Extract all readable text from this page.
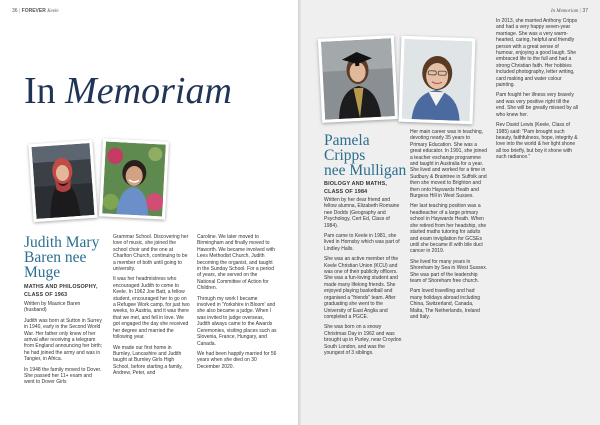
36 | FOREVER Keele
In Memoriam
Judith Mary
Baren nee
Muge
MATHS AND PHILOSOPHY,
CLASS OF 1963

Written by Maurice Baren (husband)

Judith was born at Sutton in Surrey in 1940, early in the Second World War. Her father only knew of her arrival after receiving a telegram from England announcing her birth; he had joined the army and was in Tangier, in Africa.

In 1948 the family moved to Dover. She passed her 11+ exam and went to Dover Girls

Grammar School. Discovering her love of music, she joined the school choir and the one at Charlton Church, continuing to be a member of both until going to university.

It was her headmistress who encouraged Judith to come to Keele. In 1962 Joe Batt, a fellow student, encouraged her to go on a Refugee Work camp, for just two weeks, to Austria, and it was there that we met, and fell in love. We got engaged the day she received her degree and married the following year.

We made our first home in Burnley, Lancashire and Judith taught at Burnley Girls High School, before starting a family, Andrew, Peter, and

Caroline. We later moved to Birmingham and finally moved to Haworth. We became involved with Lees Methodist Church, Judith becoming the organist, and taught in the Sunday School. For a period of years, she served on the National Committee of Action for Children.

Through my work I became involved in 'Yorkshire in Bloom' and she also became a judge. When I was invited to judge overseas, Judith always came to the Awards Ceremonies, visiting places such as Slovenia, France, Hungary, and Canada.

We had been happily married for 56 years when she died on 30 December 2020.

In Memoriam | 37
Pamela
Cripps
nee Mulligan
BIOLOGY AND MATHS,
CLASS OF 1984

Written by her dear friend and fellow alumna, Elizabeth Romaine nee Dodds (Geography and Psychology, Cert Ed, Class of 1984).

Pam came to Keele in 1981, she lived in Hornsby which was part of Lindley Halls.

She was an active member of the Keele Christian Union (KCU) and was one of their publicity officers. She was a fun-loving student and made many lifelong friends. She enjoyed playing basketball and organised a "friends" team. After graduating she went to the University of East Anglia and completed a PGCE.

She was born on a snowy Christmas Day in 1962 and was brought up in Purley, near Croydon South London, and was the youngest of 3 siblings.

Her main career was in teaching, devoting nearly 35 years to Primary Education. She was a great educator. In 1991, she joined a teacher exchange programme and taught in Australia for a year. She lived and worked for a time in Sudbury & Braintree in Suffolk and then she moved to Brighton and then onto Haywards Heath and Burgess Hill in West Sussex.

Her last teaching position was a headteacher of a large primary school in Haywards Heath. When she retired from her headship, she started maths tutoring for adults and exam invigilation for GCSEs until she became ill with bile duct cancer in 2019.

She lived for many years in Shoreham by Sea in West Sussex. She was part of the leadership team of Shoreham free church.

Pam loved travelling and had many holidays abroad including China, Switzerland, Canada, Malta, The Netherlands, Ireland and Italy.

In 2013, she married Anthony Cripps and had a very happy seven-year marriage. She was a very warm-hearted, caring, helpful and friendly person with a great sense of humour, enjoying a good laugh. She embraced life to the full and had a strong Christian faith. Her hobbies included photography, letter writing, card making and water colour painting.

Pam fought her illness very bravely and was very positive right till the end. She will be greatly missed by all who knew her.

Rev David Lewis (Keele, Class of 1985) said: "Pam brought such beauty, faithfulness, hope, integrity & love into the world & her light shone all too briefly, but boy it shone with such radiance."
